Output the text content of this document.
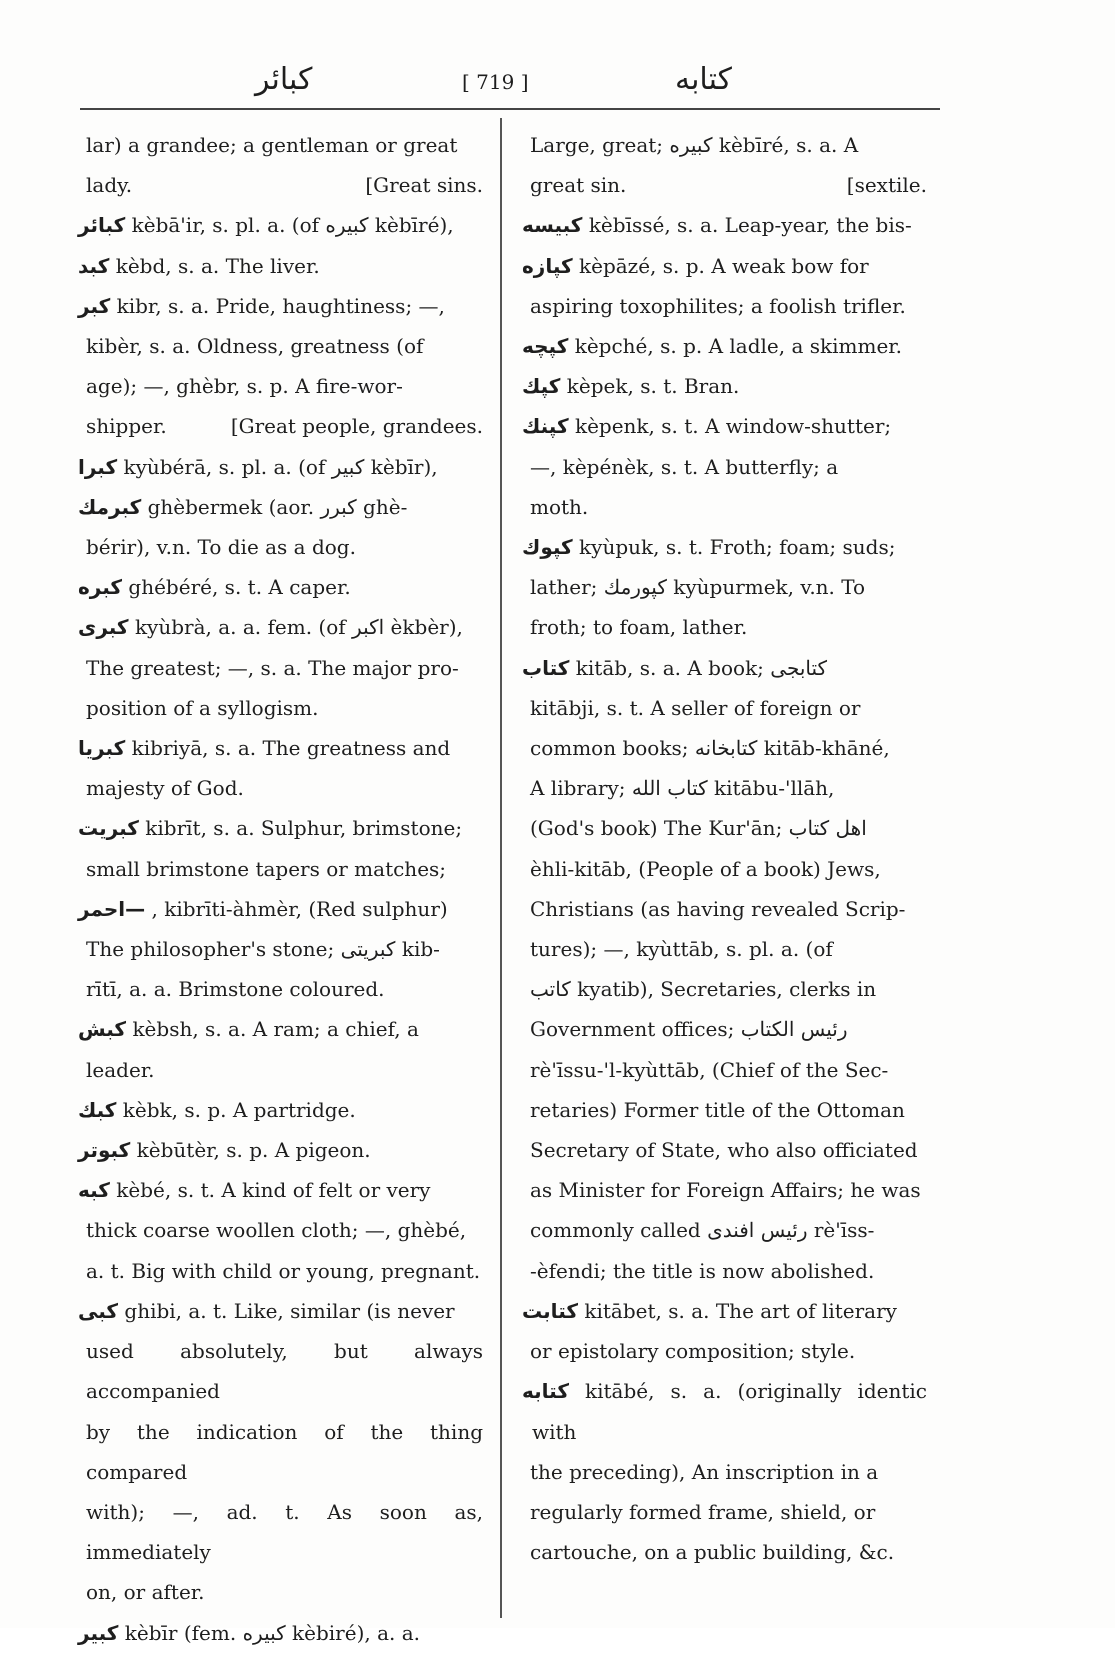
كبائر	[ 719 ]	كتابه
lar) a grandee; a gentleman or great
lady.	[Great sins.
كبائر kèbā'ir, s. pl. a. (of كبيره kèbīré),
كبد kèbd, s. a. The liver.
كبر kibr, s. a. Pride, haughtiness; —,
kibèr, s. a. Oldness, greatness (of
age); —, ghèbr, s. p. A fire-wor-
shipper.	[Great people, grandees.
كبرا kyùbérā, s. pl. a. (of كبير kèbīr),
كبرمك ghèbermek (aor. كبرر ghè-
bérir), v.n. To die as a dog.
كبره ghébéré, s. t. A caper.
كبرى kyùbrà, a. a. fem. (of اكبر èkbèr),
The greatest; —, s. a. The major pro-
position of a syllogism.
كبريا kibriyā, s. a. The greatness and
majesty of God.
كبريت kibrīt, s. a. Sulphur, brimstone;
small brimstone tapers or matches;
—احمر , kibrīti-àhmèr, (Red sulphur)
The philosopher's stone; كبريتى kib-
rītī, a. a. Brimstone coloured.
كبش kèbsh, s. a. A ram; a chief, a
leader.
كبك kèbk, s. p. A partridge.
كبوتر kèbūtèr, s. p. A pigeon.
كبه kèbé, s. t. A kind of felt or very
thick coarse woollen cloth; —, ghèbé,
a. t. Big with child or young, pregnant.
كبى ghibi, a. t. Like, similar (is never
used absolutely, but always accompanied
by the indication of the thing compared
with); —, ad. t. As soon as, immediately
on, or after.
كبير kèbīr (fem. كبيره kèbiré), a. a.
Large, great; كبيره kèbīré, s. a. A
great sin.	[sextile.
كبيسه kèbīssé, s. a. Leap-year, the bis-
كپازه kèpāzé, s. p. A weak bow for
aspiring toxophilites; a foolish trifler.
كپچه kèpché, s. p. A ladle, a skimmer.
كپك kèpek, s. t. Bran.
كپنك kèpenk, s. t. A window-shutter;
—, kèpénèk, s. t. A butterfly; a
moth.
كپوك kyùpuk, s. t. Froth; foam; suds;
lather; كپورمك kyùpurmek, v.n. To
froth; to foam, lather.
كتاب kitāb, s. a. A book; كتابجى
kitābji, s. t. A seller of foreign or
common books; كتابخانه kitāb-khāné,
A library; كتاب الله kitābu-'llāh,
(God's book) The Kur'ān; اهل كتاب
èhli-kitāb, (People of a book) Jews,
Christians (as having revealed Scrip-
tures); —, kyùttāb, s. pl. a. (of
كاتب kyatib), Secretaries, clerks in
Government offices; رئيس الكتاب
rè'īssu-'l-kyùttāb, (Chief of the Sec-
retaries) Former title of the Ottoman
Secretary of State, who also officiated
as Minister for Foreign Affairs; he was
commonly called رئيس افندى rè'īss-
-èfendi; the title is now abolished.
كتابت kitābet, s. a. The art of literary
or epistolary composition; style.
كتابه kitābé, s. a. (originally identic with
the preceding), An inscription in a
regularly formed frame, shield, or
cartouche, on a public building, &c.
